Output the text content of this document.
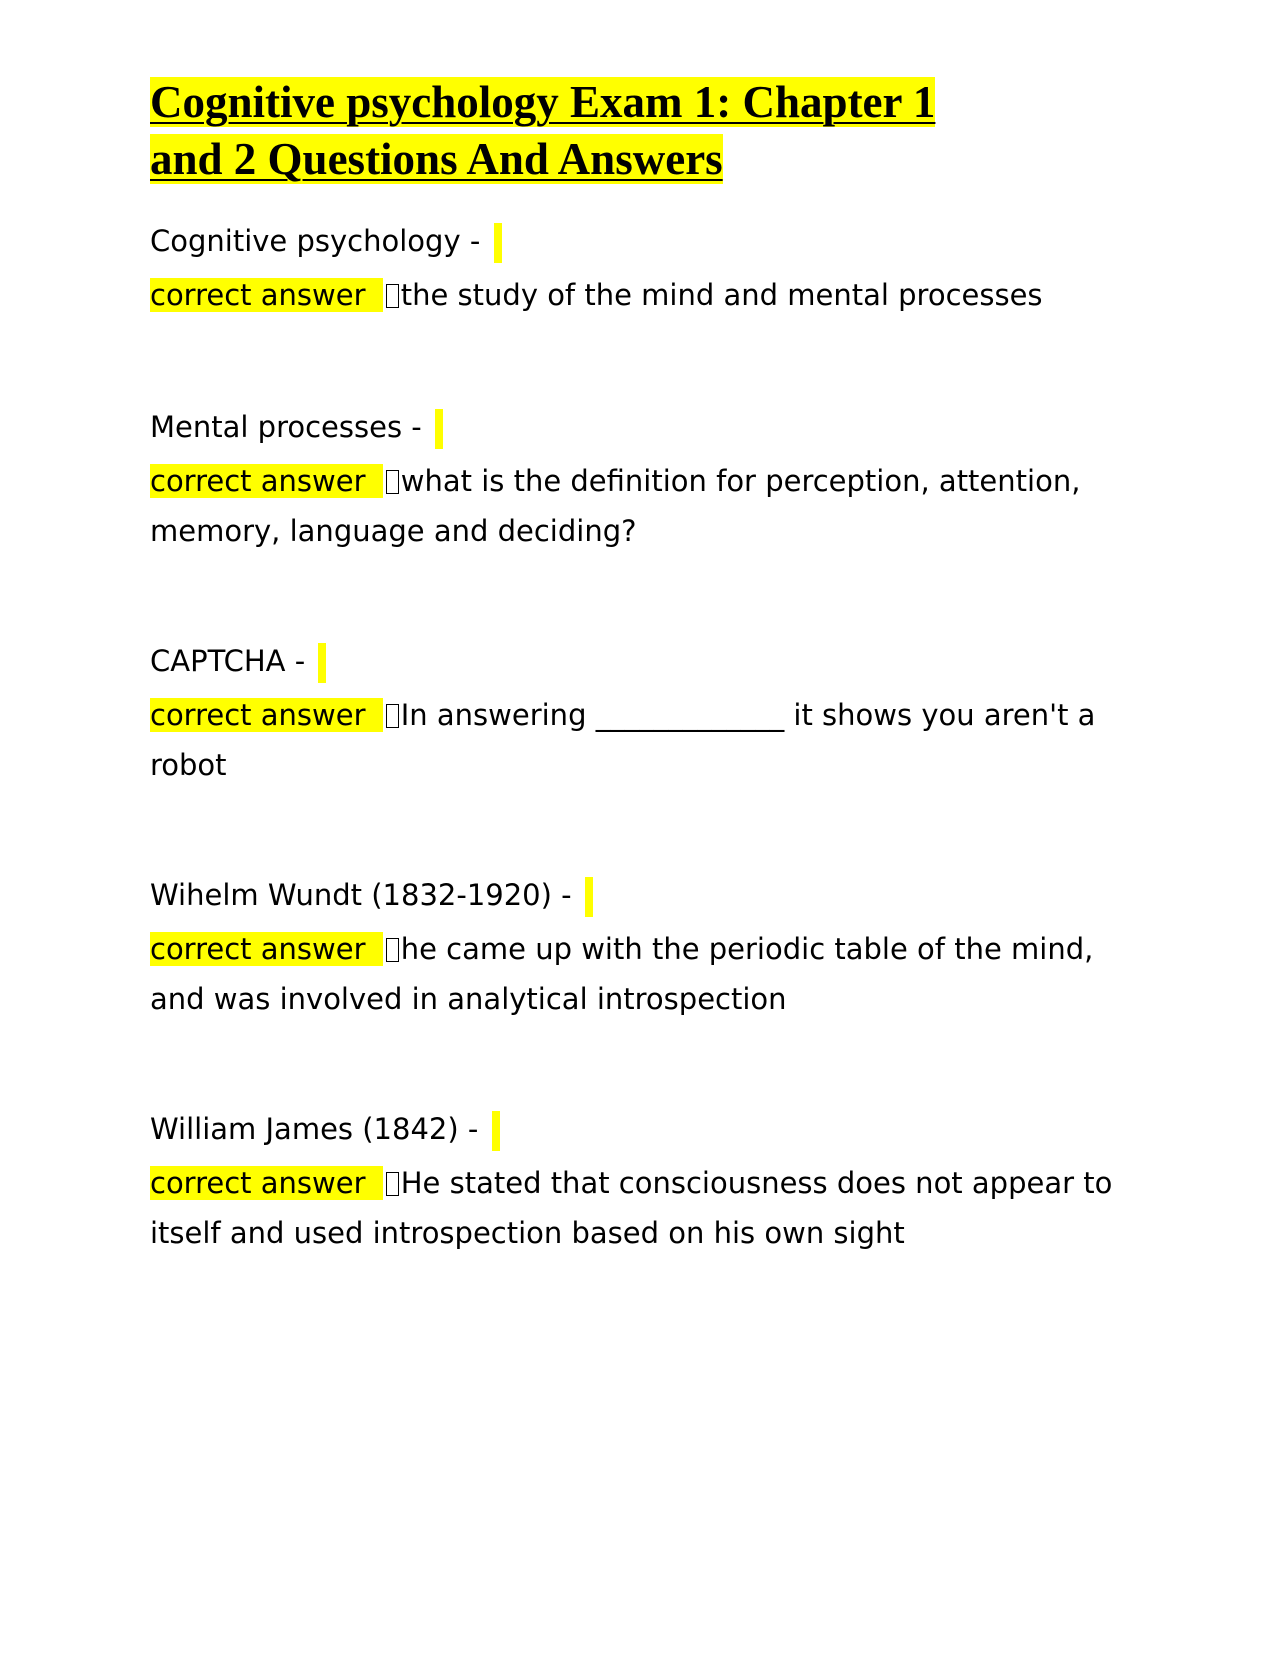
Cognitive psychology Exam 1: Chapter 1
and 2 Questions And Answers

Cognitive psychology -

correct answer the study of the mind and mental processes

Mental processes -

correct answer what is the definition for perception, attention, memory, language and deciding?

CAPTCHA -

correct answer In answering _____________ it shows you aren't a robot

Wihelm Wundt (1832-1920) -

correct answer he came up with the periodic table of the mind, and was involved in analytical introspection

William James (1842) -

correct answer He stated that consciousness does not appear to itself and used introspection based on his own sight
